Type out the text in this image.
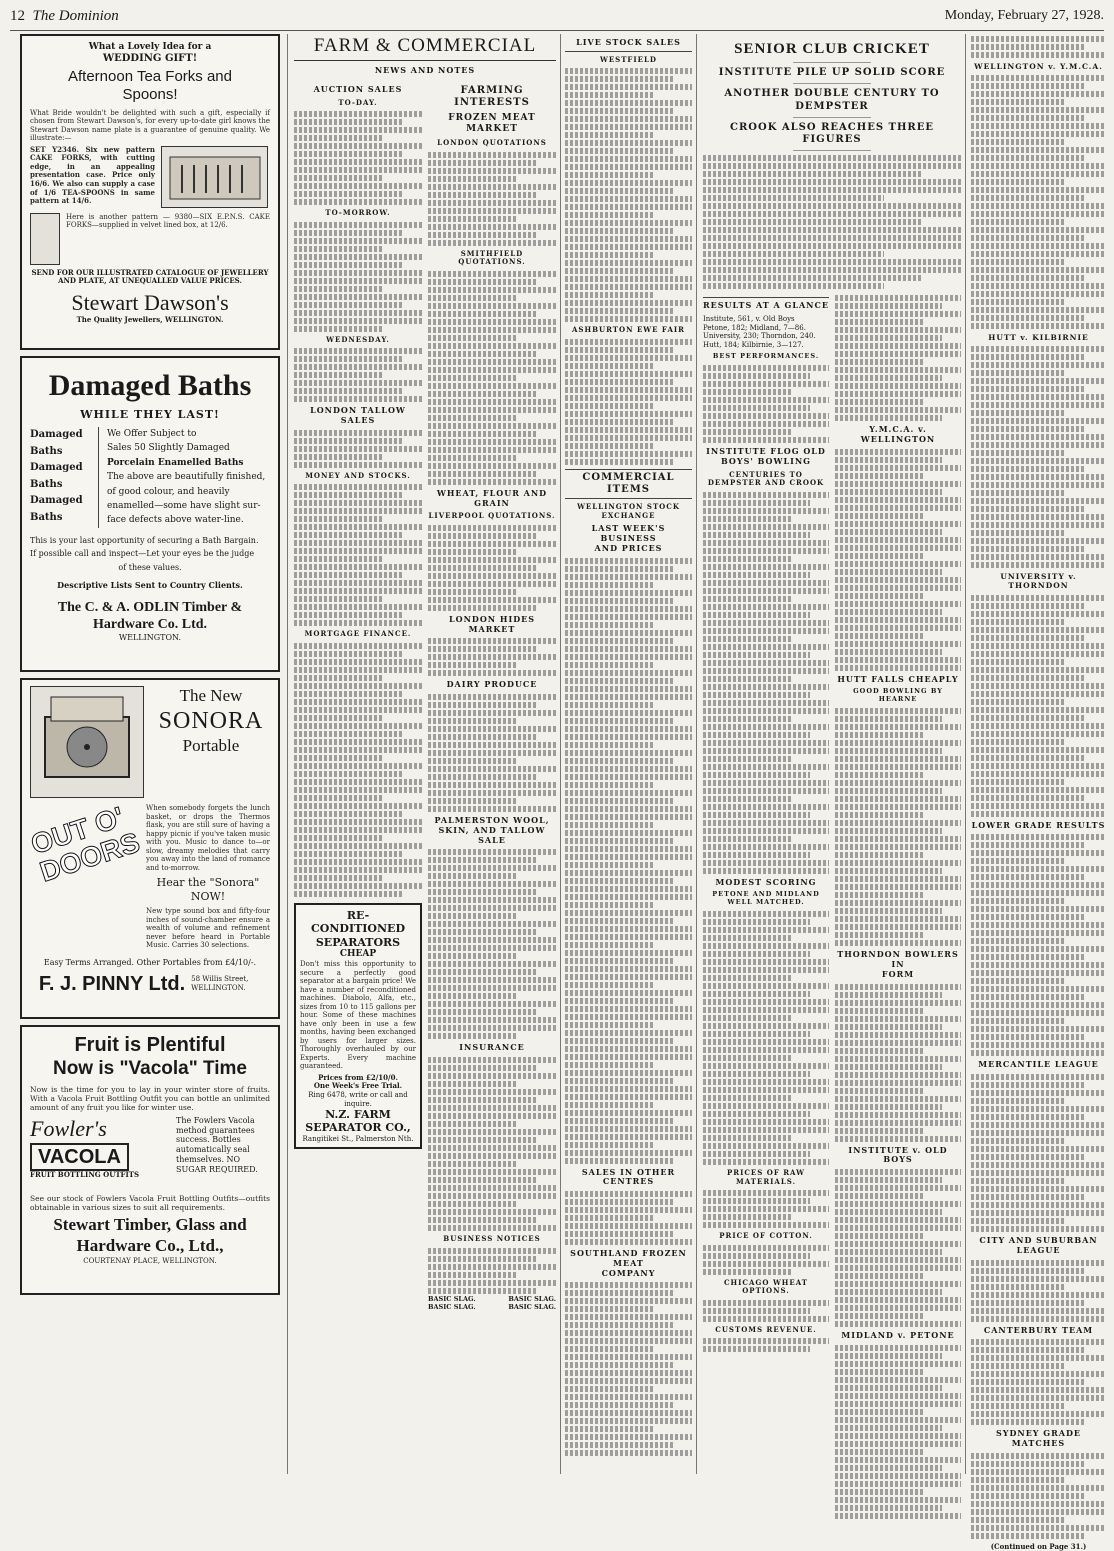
12 The Dominion	Monday, February 27, 1928.
What a Lovely Idea for a
WEDDING GIFT!
Afternoon Tea Forks and
Spoons!
What Bride wouldn't be delighted with such a gift, especially if chosen from Stewart Dawson's, for every up-to-date girl knows the Stewart Dawson name plate is a guarantee of genuine quality. We illustrate:—
SET Y2346. Six new pattern CAKE FORKS, with cutting edge, in an appealing presentation case. Price only 16/6. We also can supply a case of 1/6 TEA-SPOONS in same pattern at 14/6.
Here is another pattern — 9380—SIX E.P.N.S. CAKE FORKS—supplied in velvet lined box, at 12/6.
SEND FOR OUR ILLUSTRATED CATALOGUE OF JEWELLERY AND PLATE, AT UNEQUALLED VALUE PRICES.
Stewart Dawson's
The Quality Jewellers, WELLINGTON.
Damaged Baths
WHILE THEY LAST!
Damaged
Baths
Damaged
Baths
Damaged
Baths
We Offer Subject to
Sales 50 Slightly Damaged
Porcelain Enamelled Baths
The above are beautifully finished,
of good colour, and heavily
enamelled—some have slight sur-
face defects above water-line.
This is your last opportunity of securing a Bath Bargain.
If possible call and inspect—Let your eyes be the judge
of these values.
Descriptive Lists Sent to Country Clients.
The C. & A. ODLIN Timber & Hardware Co. Ltd.
WELLINGTON.
The New
SONORA
Portable
OUT O' DOORS
When somebody forgets the lunch basket, or drops the Thermos flask, you are still sure of having a happy picnic if you've taken music with you. Music to dance to—or slow, dreamy melodies that carry you away into the land of romance and to-morrow.
Hear the "Sonora"
NOW!
New type sound box and fifty-four inches of sound-chamber ensure a wealth of volume and refinement never before heard in Portable Music. Carries 30 selections.
Easy Terms Arranged. Other Portables from £4/10/-.
F. J. PINNY Ltd. 58 Willis Street, WELLINGTON.
Fruit is Plentiful
Now is "Vacola" Time
Now is the time for you to lay in your winter store of fruits. With a Vacola Fruit Bottling Outfit you can bottle an unlimited amount of any fruit you like for winter use.
Fowler's
VACOLA
FRUIT BOTTLING OUTFITS
The Fowlers Vacola method guarantees success. Bottles automatically seal themselves. NO SUGAR REQUIRED.
See our stock of Fowlers Vacola Fruit Bottling Outfits—outfits obtainable in various sizes to suit all requirements.
Stewart Timber, Glass and
Hardware Co., Ltd.,
COURTENAY PLACE, WELLINGTON.
FARM & COMMERCIAL
NEWS AND NOTES
AUCTION SALES
TO-DAY.
TO-MORROW.
WEDNESDAY.
LONDON TALLOW SALES
MONEY AND STOCKS.
MORTGAGE FINANCE.
RE-CONDITIONED
SEPARATORS
CHEAP
Don't miss this opportunity to secure a perfectly good separator at a bargain price! We have a number of reconditioned machines. Diabolo, Alfa, etc., sizes from 10 to 115 gallons per hour. Some of these machines have only been in use a few months, having been exchanged by users for larger sizes. Thoroughly overhauled by our Experts. Every machine guaranteed.
Prices from £2/10/0.
One Week's Free Trial.
Ring 6478, write or call and inquire.
N.Z. FARM
SEPARATOR CO.,
Rangitikei St., Palmerston Nth.
FARMING INTERESTS
FROZEN MEAT MARKET
LONDON QUOTATIONS
SMITHFIELD QUOTATIONS.
WHEAT, FLOUR AND GRAIN
LIVERPOOL QUOTATIONS.
LONDON HIDES MARKET
DAIRY PRODUCE
PALMERSTON WOOL, SKIN, AND TALLOW SALE
INSURANCE
BUSINESS NOTICES
BASIC SLAG.	BASIC SLAG.
BASIC SLAG.	BASIC SLAG.
LIVE STOCK SALES
WESTFIELD
ASHBURTON EWE FAIR
COMMERCIAL ITEMS
WELLINGTON STOCK EXCHANGE
LAST WEEK'S BUSINESS
AND PRICES
SALES IN OTHER CENTRES
SOUTHLAND FROZEN MEAT
COMPANY
SENIOR CLUB CRICKET
INSTITUTE PILE UP SOLID SCORE
ANOTHER DOUBLE CENTURY TO
DEMPSTER
CROOK ALSO REACHES THREE FIGURES
RESULTS AT A GLANCE
Institute, 561, v. Old Boys
Petone, 182; Midland, 7—86.
University, 230; Thorndon, 240.
Hutt, 184; Kilbirnie, 3—127.
BEST PERFORMANCES.
INSTITUTE FLOG OLD BOYS' BOWLING
CENTURIES TO DEMPSTER AND CROOK
MODEST SCORING
PETONE AND MIDLAND WELL MATCHED.
PRICES OF RAW MATERIALS.
PRICE OF COTTON.
CHICAGO WHEAT OPTIONS.
CUSTOMS REVENUE.
Y.M.C.A. v. WELLINGTON
HUTT FALLS CHEAPLY
GOOD BOWLING BY HEARNE
THORNDON BOWLERS IN
FORM
INSTITUTE v. OLD BOYS
MIDLAND v. PETONE
WELLINGTON v. Y.M.C.A.
HUTT v. KILBIRNIE
UNIVERSITY v. THORNDON
LOWER GRADE RESULTS
MERCANTILE LEAGUE
CITY AND SUBURBAN
LEAGUE
CANTERBURY TEAM
SYDNEY GRADE MATCHES
(Continued on Page 31.)
